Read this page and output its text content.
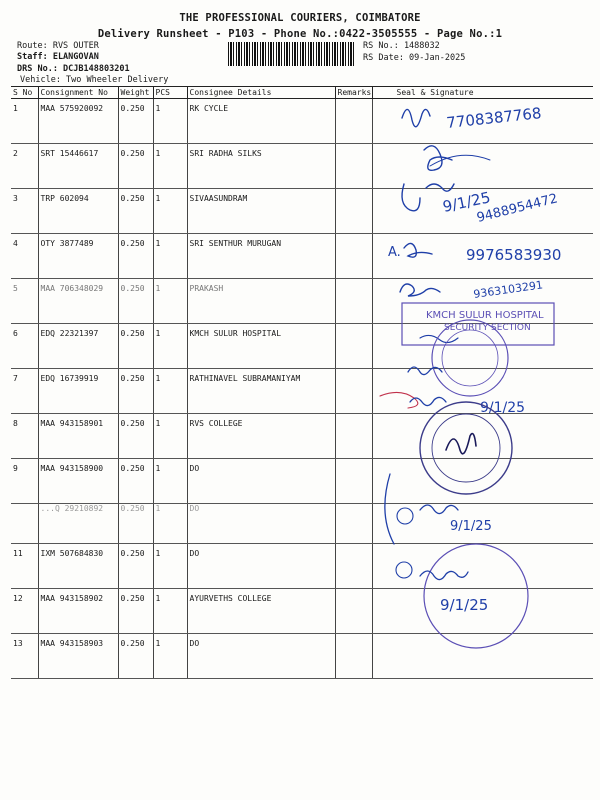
THE PROFESSIONAL COURIERS, COIMBATORE
Delivery Runsheet - P103 - Phone No.:0422-3505555 - Page No.:1
Route: RVS OUTER
Staff: ELANGOVAN
DRS No.: DCJB148803201
Vehicle: Two Wheeler Delivery
RS No.: 1488032
RS Date: 09-Jan-2025
S No	Consignment No	Weight	PCS	Consignee Details	Remarks	Seal & Signature
1	MAA 575920092	0.250	1	RK CYCLE		
2	SRT 15446617	0.250	1	SRI RADHA SILKS		
3	TRP 602094	0.250	1	SIVAASUNDRAM		
4	OTY 3877489	0.250	1	SRI SENTHUR MURUGAN		
5	MAA 706348029	0.250	1	PRAKASH		
6	EDQ 22321397	0.250	1	KMCH SULUR HOSPITAL		
7	EDQ 16739919	0.250	1	RATHINAVEL SUBRAMANIYAM		
8	MAA 943158901	0.250	1	RVS COLLEGE		
9	MAA 943158900	0.250	1	DO		
	...Q 29210892	0.250	1	DO		
11	IXM 507684830	0.250	1	DO		
12	MAA 943158902	0.250	1	AYURVETHS COLLEGE		
13	MAA 943158903	0.250	1	DO		
7708387768
9/1/25
9488954472
A.	9976583930
9363103291
KMCH SULUR HOSPITAL
SECURITY SECTION
9/1/25
9/1/25
9/1/25
